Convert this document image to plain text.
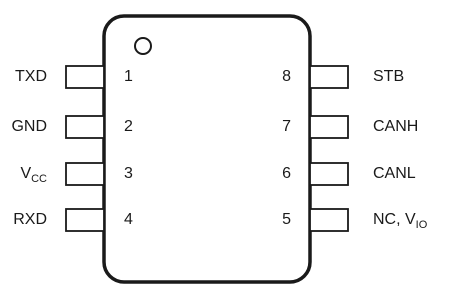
1
TXD
2
GND
3
$V_{CC}$
4
RXD
8	STB
7	CANH
6	CANL
5	NC, $V_{IO}$
